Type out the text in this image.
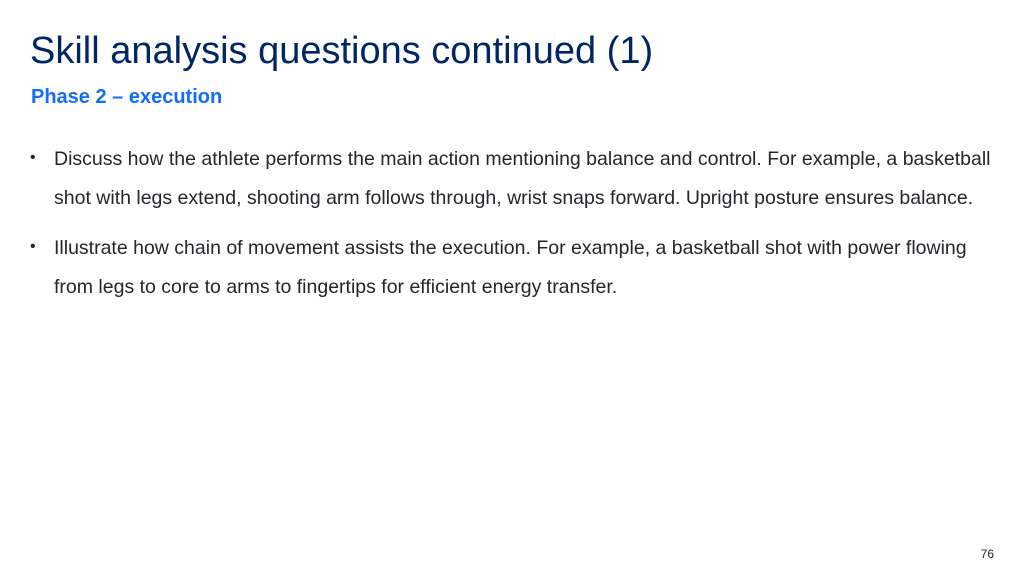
Skill analysis questions continued (1)
Phase 2 – execution
• Discuss how the athlete performs the main action mentioning balance and control. For example, a basketball shot with legs extend, shooting arm follows through, wrist snaps forward. Upright posture ensures balance.
• Illustrate how chain of movement assists the execution. For example, a basketball shot with power flowing from legs to core to arms to fingertips for efficient energy transfer.
76
